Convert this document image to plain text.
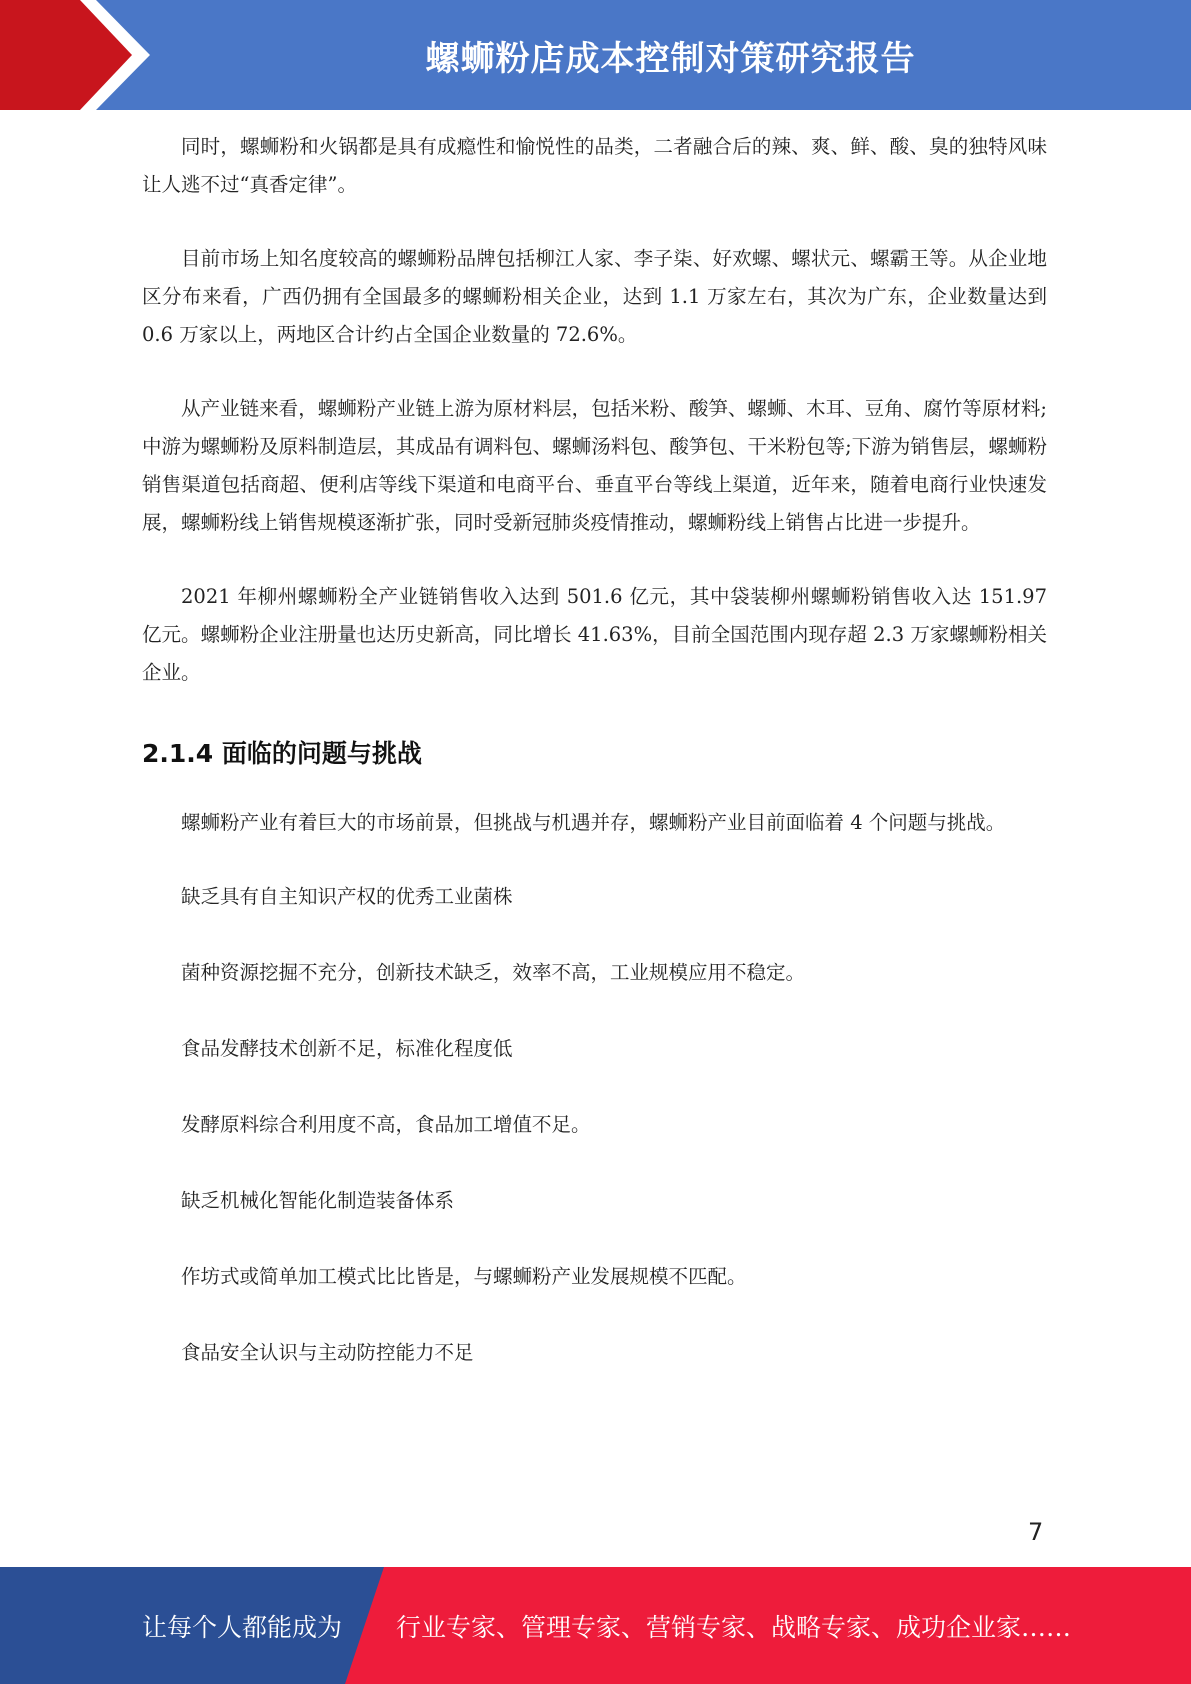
螺蛳粉店成本控制对策研究报告

同时，螺蛳粉和火锅都是具有成瘾性和愉悦性的品类，二者融合后的辣、爽、鲜、酸、臭的独特风味让人逃不过“真香定律”。

目前市场上知名度较高的螺蛳粉品牌包括柳江人家、李子柒、好欢螺、螺状元、螺霸王等。从企业地区分布来看，广西仍拥有全国最多的螺蛳粉相关企业，达到 1.1 万家左右，其次为广东，企业数量达到 0.6 万家以上，两地区合计约占全国企业数量的 72.6%。

从产业链来看，螺蛳粉产业链上游为原材料层，包括米粉、酸笋、螺蛳、木耳、豆角、腐竹等原材料;中游为螺蛳粉及原料制造层，其成品有调料包、螺蛳汤料包、酸笋包、干米粉包等;下游为销售层，螺蛳粉销售渠道包括商超、便利店等线下渠道和电商平台、垂直平台等线上渠道，近年来，随着电商行业快速发展，螺蛳粉线上销售规模逐渐扩张，同时受新冠肺炎疫情推动，螺蛳粉线上销售占比进一步提升。

2021 年柳州螺蛳粉全产业链销售收入达到 501.6 亿元，其中袋装柳州螺蛳粉销售收入达 151.97 亿元。螺蛳粉企业注册量也达历史新高，同比增长 41.63%，目前全国范围内现存超 2.3 万家螺蛳粉相关企业。

2.1.4 面临的问题与挑战

螺蛳粉产业有着巨大的市场前景，但挑战与机遇并存，螺蛳粉产业目前面临着 4 个问题与挑战。

缺乏具有自主知识产权的优秀工业菌株

菌种资源挖掘不充分，创新技术缺乏，效率不高，工业规模应用不稳定。

食品发酵技术创新不足，标准化程度低

发酵原料综合利用度不高，食品加工增值不足。

缺乏机械化智能化制造装备体系

作坊式或简单加工模式比比皆是，与螺蛳粉产业发展规模不匹配。

食品安全认识与主动防控能力不足

7
让每个人都能成为 行业专家、管理专家、营销专家、战略专家、成功企业家……
